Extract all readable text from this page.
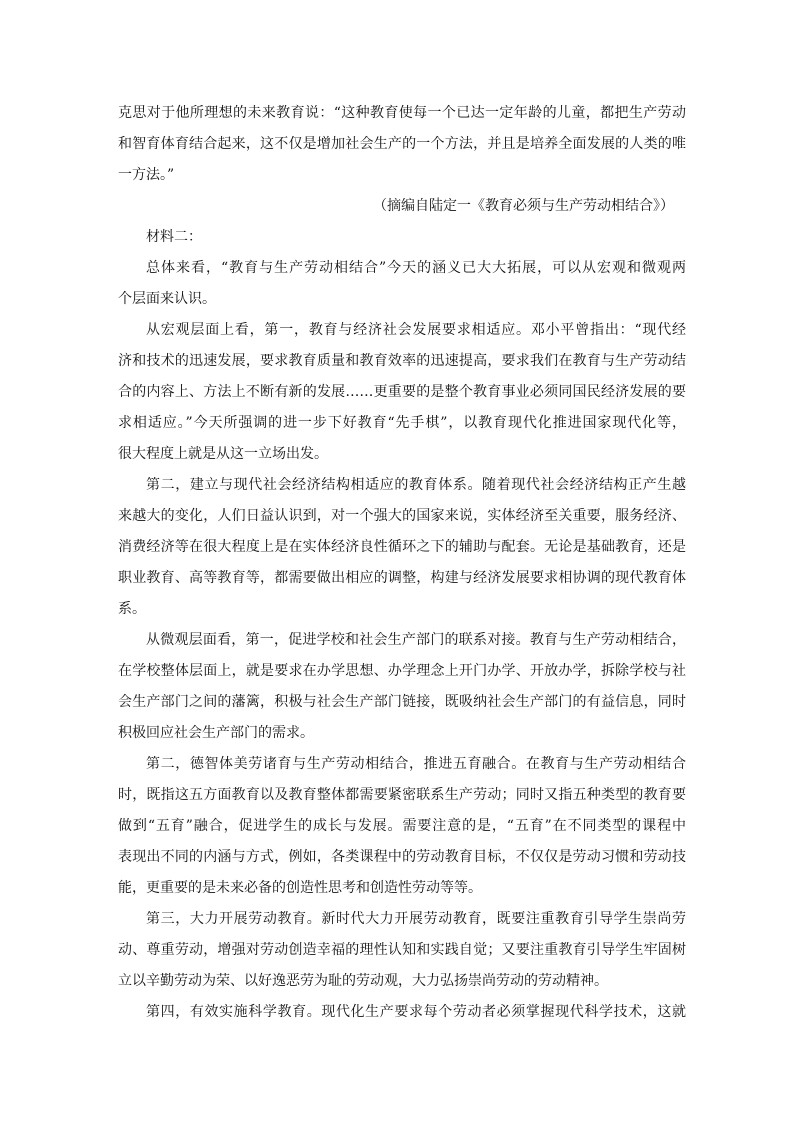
克思对于他所理想的未来教育说：“这种教育使每一个已达一定年龄的儿童，都把生产劳动
和智育体育结合起来，这不仅是增加社会生产的一个方法，并且是培养全面发展的人类的唯
一方法。”
（摘编自陆定一《教育必须与生产劳动相结合》）
材料二：
总体来看，“教育与生产劳动相结合”今天的涵义已大大拓展，可以从宏观和微观两
个层面来认识。
从宏观层面上看，第一，教育与经济社会发展要求相适应。邓小平曾指出：“现代经
济和技术的迅速发展，要求教育质量和教育效率的迅速提高，要求我们在教育与生产劳动结
合的内容上、方法上不断有新的发展……更重要的是整个教育事业必须同国民经济发展的要
求相适应。”今天所强调的进一步下好教育“先手棋”，以教育现代化推进国家现代化等，
很大程度上就是从这一立场出发。
第二，建立与现代社会经济结构相适应的教育体系。随着现代社会经济结构正产生越
来越大的变化，人们日益认识到，对一个强大的国家来说，实体经济至关重要，服务经济、
消费经济等在很大程度上是在实体经济良性循环之下的辅助与配套。无论是基础教育，还是
职业教育、高等教育等，都需要做出相应的调整，构建与经济发展要求相协调的现代教育体
系。
从微观层面看，第一，促进学校和社会生产部门的联系对接。教育与生产劳动相结合，
在学校整体层面上，就是要求在办学思想、办学理念上开门办学、开放办学，拆除学校与社
会生产部门之间的藩篱，积极与社会生产部门链接，既吸纳社会生产部门的有益信息，同时
积极回应社会生产部门的需求。
第二，德智体美劳诸育与生产劳动相结合，推进五育融合。在教育与生产劳动相结合
时，既指这五方面教育以及教育整体都需要紧密联系生产劳动；同时又指五种类型的教育要
做到“五育”融合，促进学生的成长与发展。需要注意的是，“五育”在不同类型的课程中
表现出不同的内涵与方式，例如，各类课程中的劳动教育目标，不仅仅是劳动习惯和劳动技
能，更重要的是未来必备的创造性思考和创造性劳动等等。
第三，大力开展劳动教育。新时代大力开展劳动教育，既要注重教育引导学生崇尚劳
动、尊重劳动，增强对劳动创造幸福的理性认知和实践自觉；又要注重教育引导学生牢固树
立以辛勤劳动为荣、以好逸恶劳为耻的劳动观，大力弘扬崇尚劳动的劳动精神。
第四，有效实施科学教育。现代化生产要求每个劳动者必须掌握现代科学技术，这就
